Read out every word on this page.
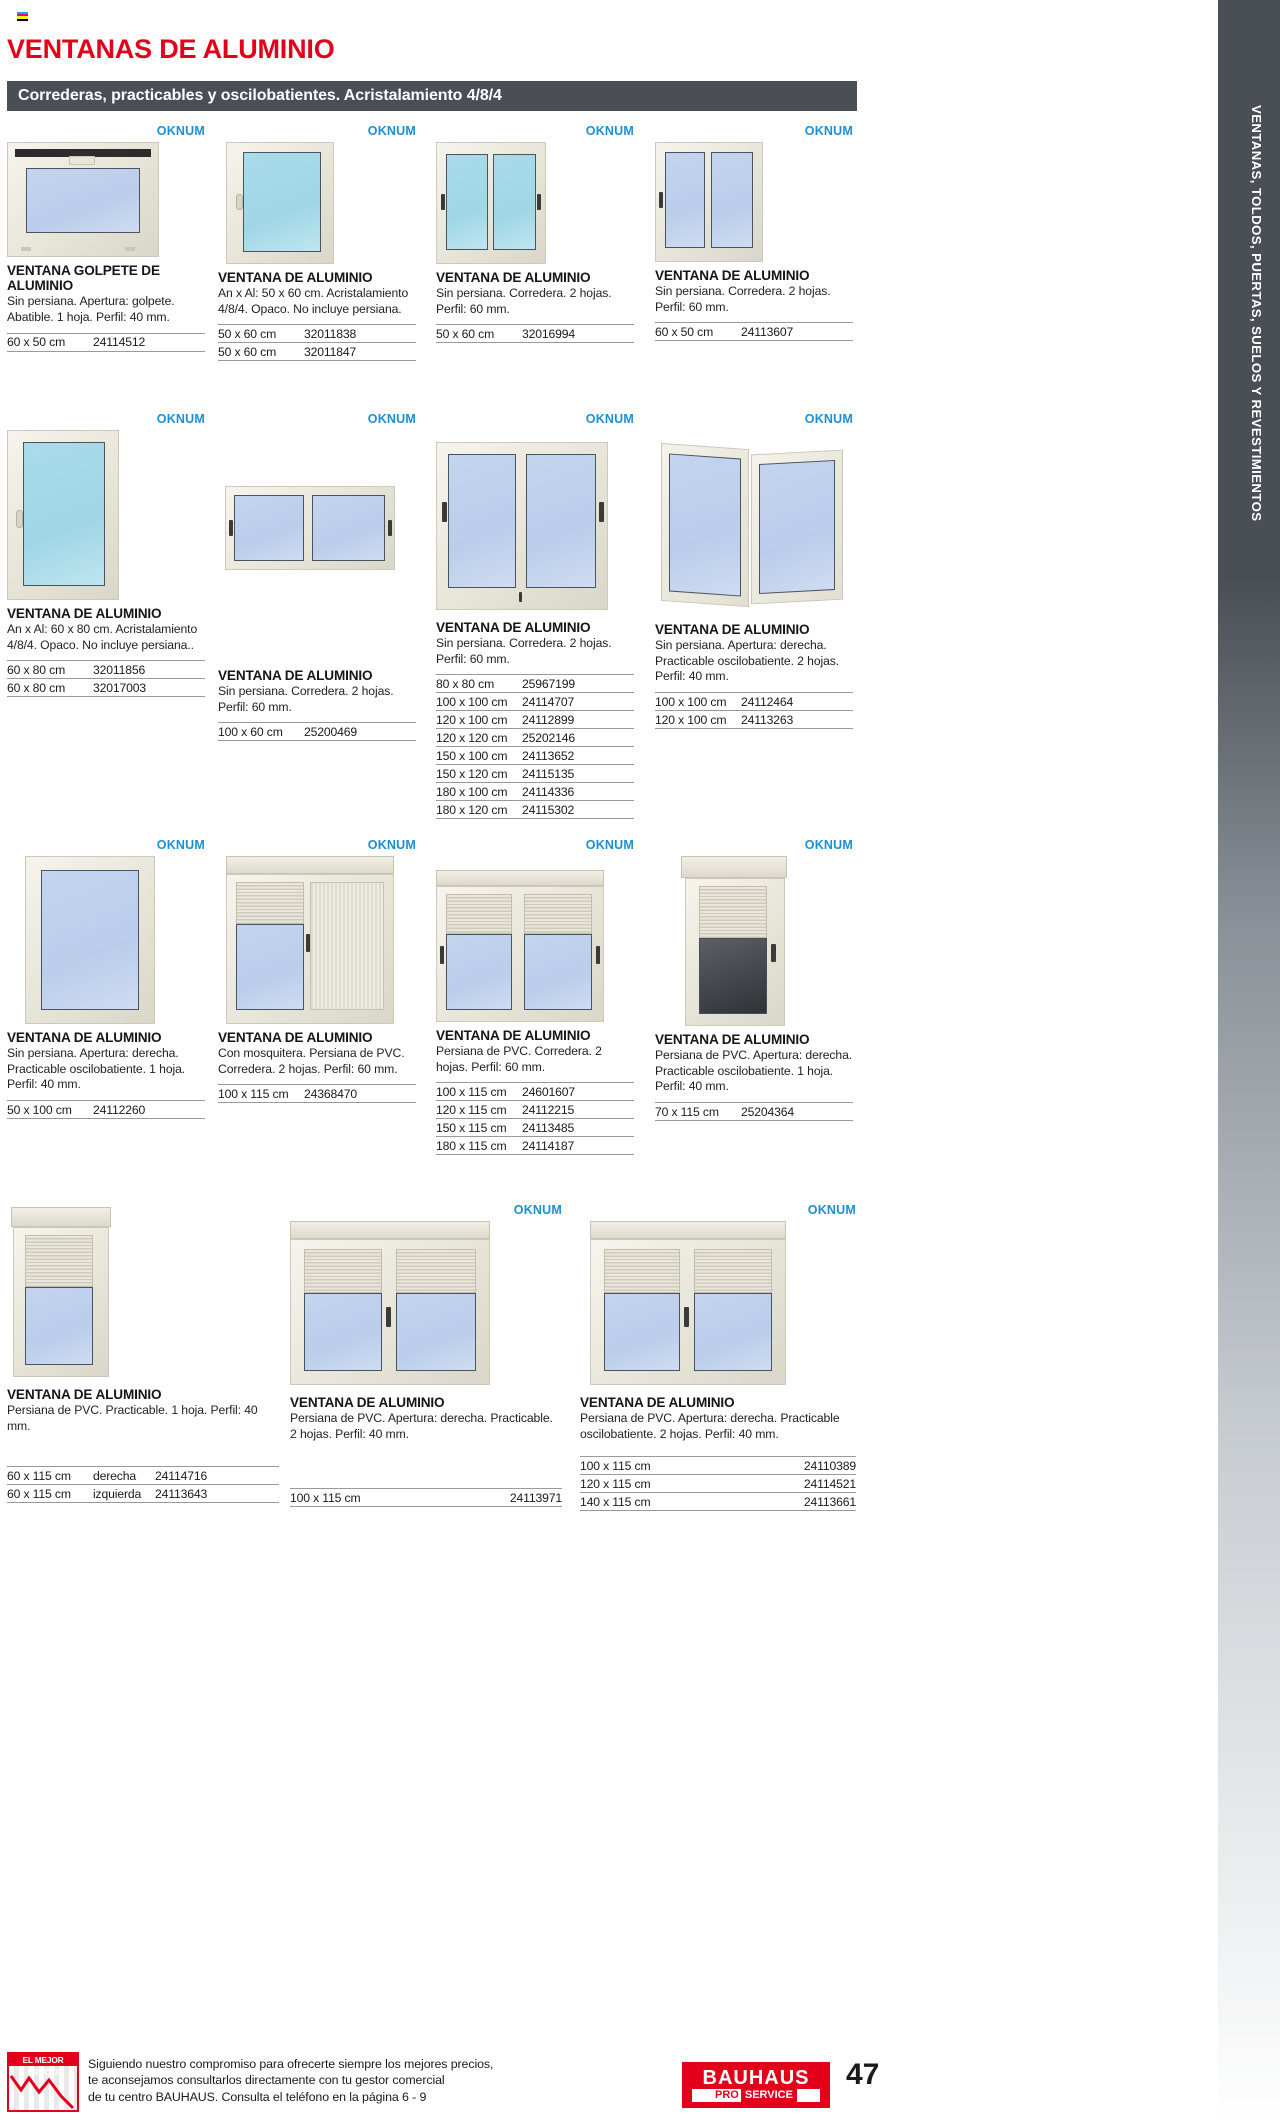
VENTANAS, TOLDOS, PUERTAS, SUELOS Y REVESTIMIENTOS
VENTANAS DE ALUMINIO
Correderas, practicables y oscilobatientes. Acristalamiento 4/8/4
OKNUM
VENTANA GOLPETE DE ALUMINIO
Sin persiana. Apertura: golpete. Abatible. 1 hoja. Perfil: 40 mm.
60 x 50 cm	24114512
OKNUM
VENTANA DE ALUMINIO
An x Al: 50 x 60 cm. Acristalamiento 4/8/4. Opaco. No incluye persiana.
50 x 60 cm	32011838
50 x 60 cm	32011847
OKNUM
VENTANA DE ALUMINIO
Sin persiana. Corredera. 2 hojas. Perfil: 60 mm.
50 x 60 cm	32016994
OKNUM
VENTANA DE ALUMINIO
Sin persiana. Corredera. 2 hojas. Perfil: 60 mm.
60 x 50 cm	24113607
OKNUM
VENTANA DE ALUMINIO
An x Al: 60 x 80 cm. Acristalamiento 4/8/4. Opaco. No incluye persiana..
60 x 80 cm	32011856
60 x 80 cm	32017003
OKNUM
VENTANA DE ALUMINIO
Sin persiana. Corredera. 2 hojas. Perfil: 60 mm.
100 x 60 cm	25200469
OKNUM
VENTANA DE ALUMINIO
Sin persiana. Corredera. 2 hojas. Perfil: 60 mm.
80 x 80 cm	25967199
100 x 100 cm	24114707
120 x 100 cm	24112899
120 x 120 cm	25202146
150 x 100 cm	24113652
150 x 120 cm	24115135
180 x 100 cm	24114336
180 x 120 cm	24115302
OKNUM
VENTANA DE ALUMINIO
Sin persiana. Apertura: derecha. Practicable oscilobatiente. 2 hojas. Perfil: 40 mm.
100 x 100 cm	24112464
120 x 100 cm	24113263
OKNUM
VENTANA DE ALUMINIO
Sin persiana. Apertura: derecha. Practicable oscilobatiente. 1 hoja. Perfil: 40 mm.
50 x 100 cm	24112260
OKNUM
VENTANA DE ALUMINIO
Con mosquitera. Persiana de PVC. Corredera. 2 hojas. Perfil: 60 mm.
100 x 115 cm	24368470
OKNUM
VENTANA DE ALUMINIO
Persiana de PVC. Corredera. 2 hojas. Perfil: 60 mm.
100 x 115 cm	24601607
120 x 115 cm	24112215
150 x 115 cm	24113485
180 x 115 cm	24114187
OKNUM
VENTANA DE ALUMINIO
Persiana de PVC. Apertura: derecha. Practicable oscilobatiente. 1 hoja. Perfil: 40 mm.
70 x 115 cm	25204364
VENTANA DE ALUMINIO
Persiana de PVC. Practicable. 1 hoja. Perfil: 40 mm.
60 x 115 cm	derecha	24114716
60 x 115 cm	izquierda	24113643
OKNUM
VENTANA DE ALUMINIO
Persiana de PVC. Apertura: derecha. Practicable. 2 hojas. Perfil: 40 mm.
100 x 115 cm	24113971
OKNUM
VENTANA DE ALUMINIO
Persiana de PVC. Apertura: derecha. Practicable oscilobatiente. 2 hojas. Perfil: 40 mm.
100 x 115 cm	24110389
120 x 115 cm	24114521
140 x 115 cm	24113661
EL MEJOR PRECIO
Siguiendo nuestro compromiso para ofrecerte siempre los mejores precios,
te aconsejamos consultarlos directamente con tu gestor comercial
de tu centro BAUHAUS. Consulta el teléfono en la página 6 - 9
BAUHAUS
PRO SERVICE
47
